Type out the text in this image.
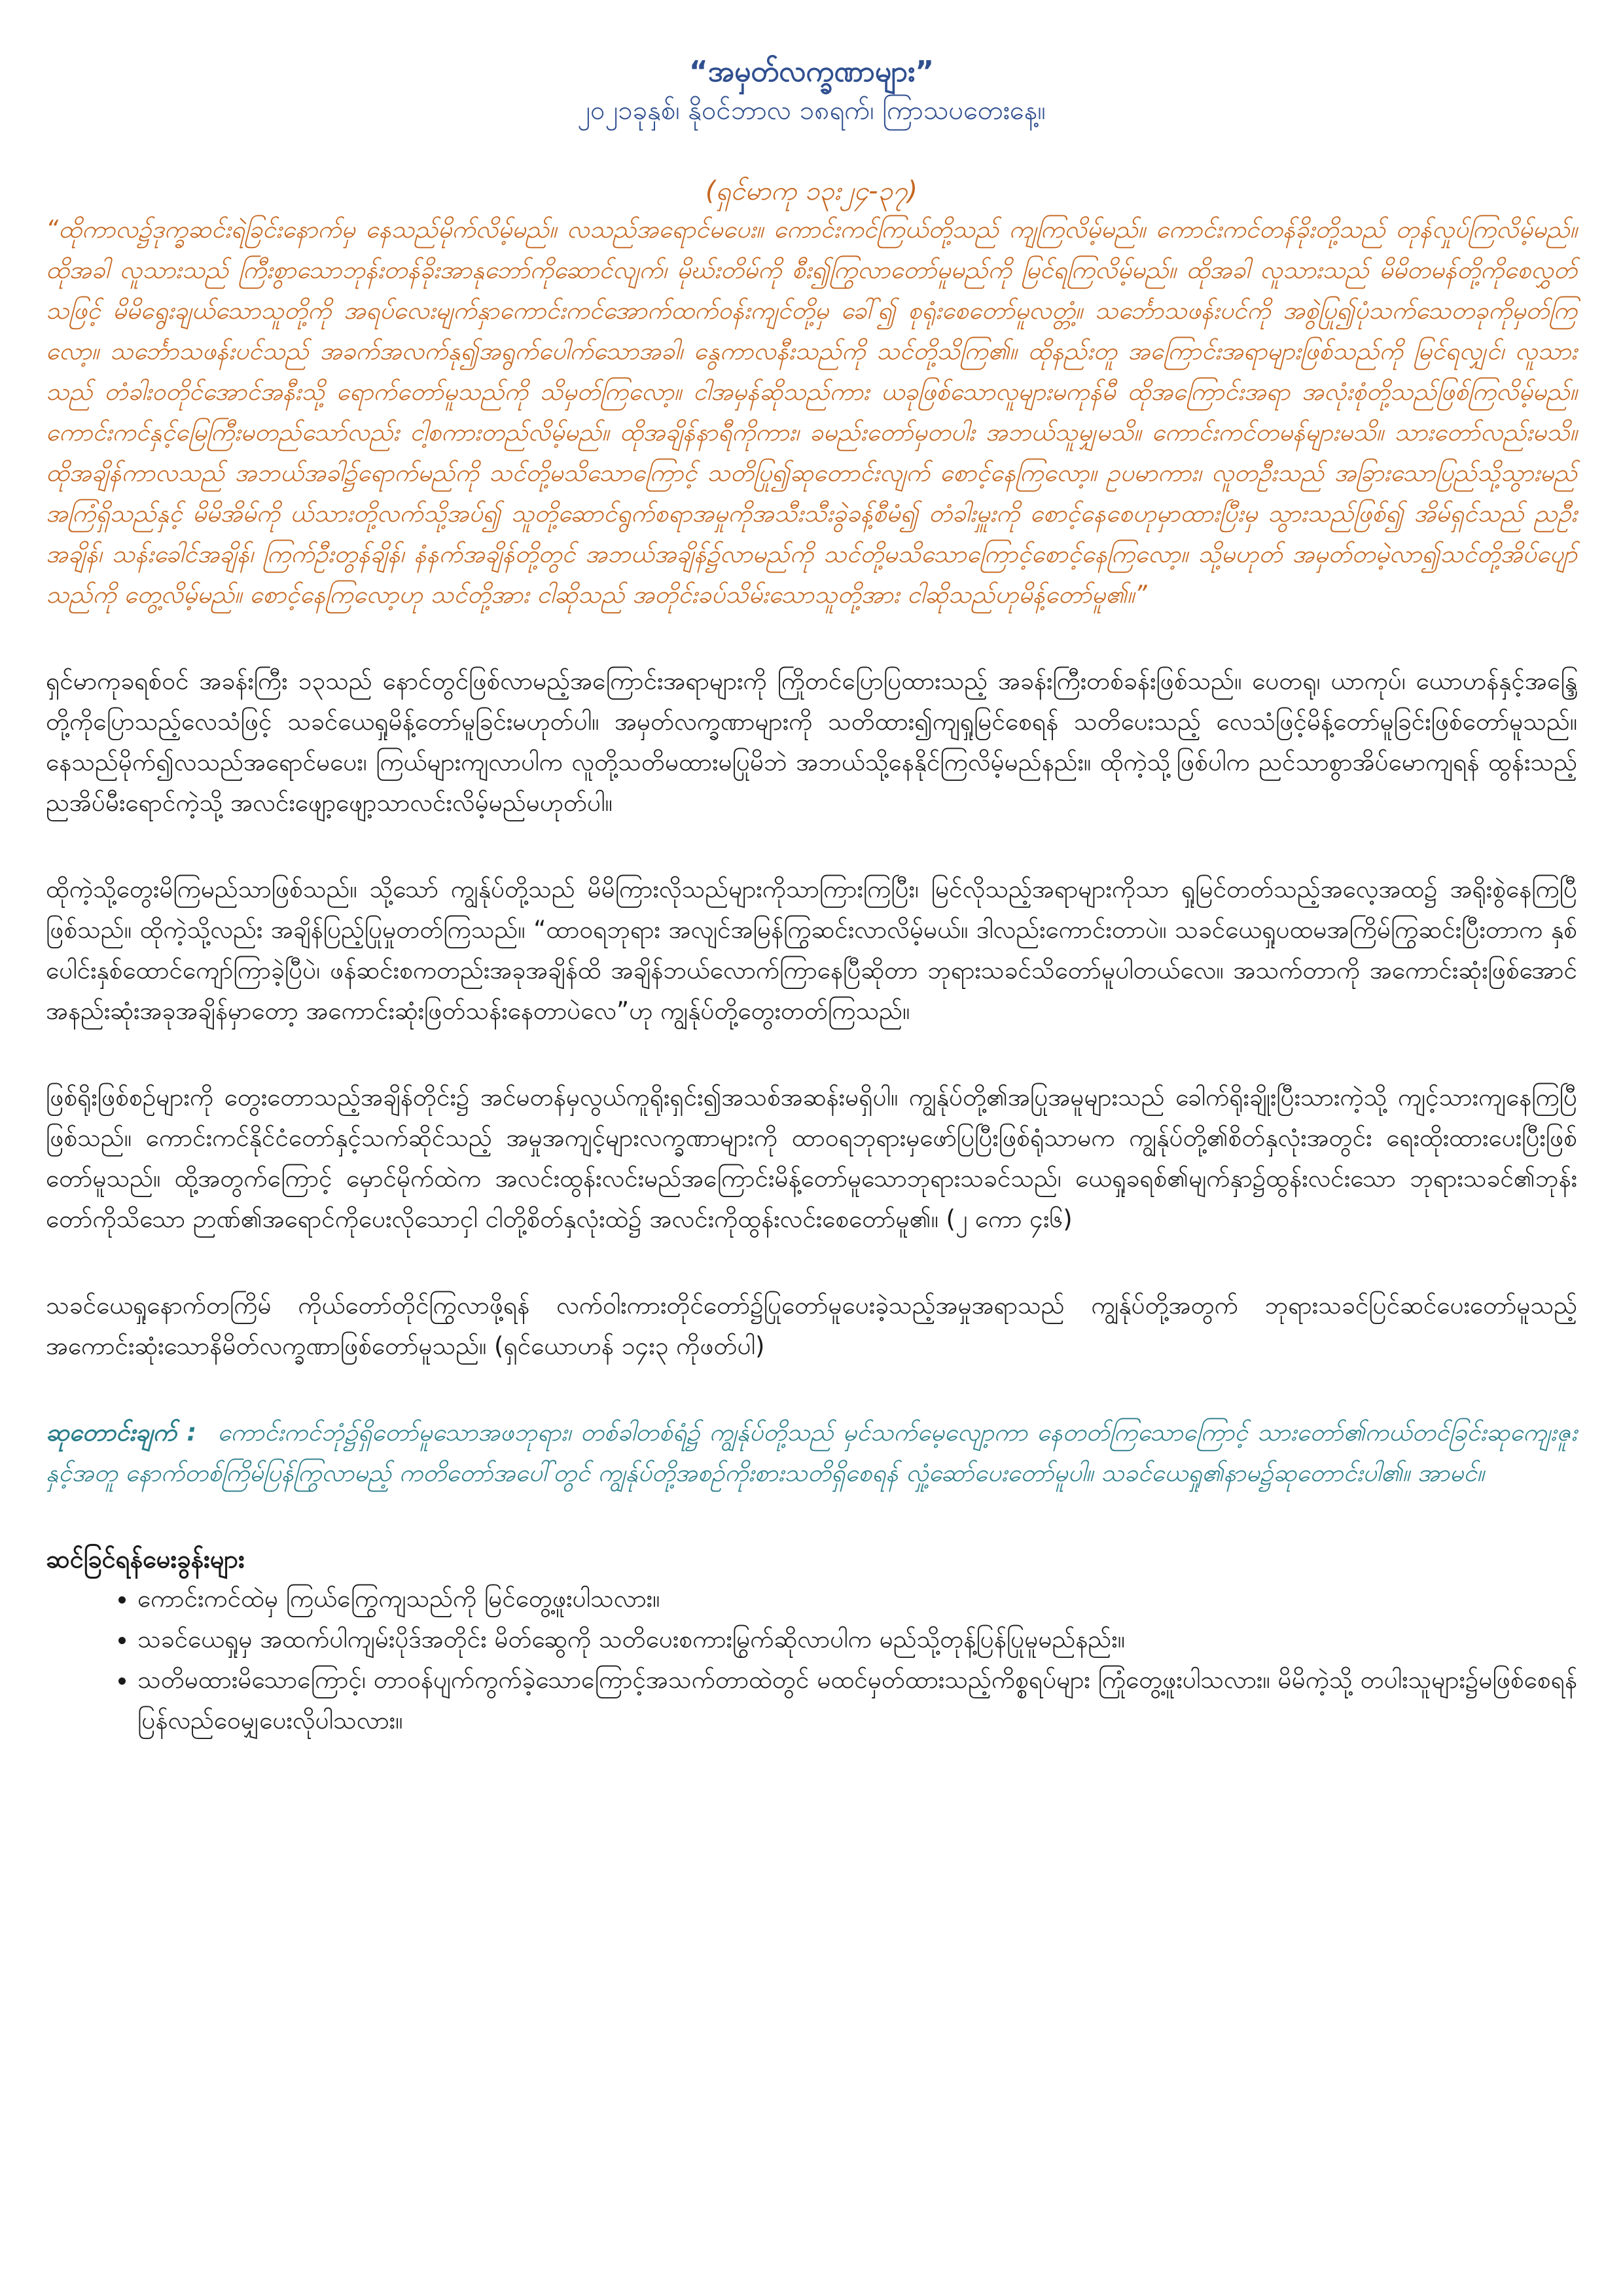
“အမှတ်လက္ခဏာများ”
၂၀၂၁ခုနှစ်၊ နိုဝင်ဘာလ ၁၈ရက်၊ ကြာသပတေးနေ့။
(ရှင်မာကု ၁၃း၂၄-၃၇)
“ထိုကာလ၌ဒုက္ခဆင်းရဲခြင်းနောက်မှ နေသည်မိုက်လိမ့်မည်။ လသည်အရောင်မပေး။ ကောင်းကင်ကြယ်တို့သည် ကျကြလိမ့်မည်။ ကောင်းကင်တန်ခိုးတို့သည် တုန်လှုပ်ကြလိမ့်မည်။ ထိုအခါ လူသားသည် ကြီးစွာသောဘုန်းတန်ခိုးအာနုဘော်ကိုဆောင်လျက်၊ မိုဃ်းတိမ်ကို စီး၍ကြွလာတော်မူမည်ကို မြင်ရကြလိမ့်မည်။ ထိုအခါ လူသားသည် မိမိတမန်တို့ကိုစေလွှတ်သဖြင့် မိမိရွေးချယ်သောသူတို့ကို အရပ်လေးမျက်နှာကောင်းကင်အောက်ထက်ဝန်းကျင်တို့မှ ခေါ်၍ စုရုံးစေတော်မူလတ္တံ့။ သင်္ဘောသဖန်းပင်ကို အစွဲပြု၍ပုံသက်သေတခုကိုမှတ်ကြလော့။ သင်္ဘောသဖန်းပင်သည် အခက်အလက်နု၍အရွက်ပေါက်သောအခါ၊ နွေကာလနီးသည်ကို သင်တို့သိကြ၏။ ထိုနည်းတူ အကြောင်းအရာများဖြစ်သည်ကို မြင်ရလျှင်၊ လူသားသည် တံခါးဝတိုင်အောင်အနီးသို့ ရောက်တော်မူသည်ကို သိမှတ်ကြလော့။ ငါအမှန်ဆိုသည်ကား ယခုဖြစ်သောလူများမကုန်မီ ထိုအကြောင်းအရာ အလုံးစုံတို့သည်ဖြစ်ကြလိမ့်မည်။ ကောင်းကင်နှင့်မြေကြီးမတည်သော်လည်း ငါ့စကားတည်လိမ့်မည်။ ထိုအချိန်နာရီကိုကား၊ ခမည်းတော်မှတပါး အဘယ်သူမျှမသိ။ ကောင်းကင်တမန်များမသိ။ သားတော်လည်းမသိ။ ထိုအချိန်ကာလသည် အဘယ်အခါ၌ရောက်မည်ကို သင်တို့မသိသောကြောင့် သတိပြု၍ဆုတောင်းလျက် စောင့်နေကြလော့။ ဥပမာကား၊ လူတဦးသည် အခြားသောပြည်သို့သွားမည်အကြံရှိသည်နှင့် မိမိအိမ်ကို ယ်သားတို့လက်သို့အပ်၍ သူတို့ဆောင်ရွက်စရာအမှုကိုအသီးသီးခွဲခန့်စီမံ၍ တံခါးမှူးကို စောင့်နေစေဟုမှာထားပြီးမှ သွားသည်ဖြစ်၍ အိမ်ရှင်သည် ညဦးအချိန်၊ သန်းခေါင်အချိန်၊ ကြက်ဦးတွန်ချိန်၊ နံနက်အချိန်တို့တွင် အဘယ်အချိန်၌လာမည်ကို သင်တို့မသိသောကြောင့်စောင့်နေကြလော့။ သို့မဟုတ် အမှတ်တမဲ့လာ၍သင်တို့အိပ်ပျော်သည်ကို တွေ့လိမ့်မည်။ စောင့်နေကြလော့ဟု သင်တို့အား ငါဆိုသည် အတိုင်းခပ်သိမ်းသောသူတို့အား ငါဆိုသည်ဟုမိန့်တော်မူ၏။”
ရှင်မာကုခရစ်ဝင် အခန်းကြီး ၁၃သည် နောင်တွင်ဖြစ်လာမည့်အကြောင်းအရာများကို ကြိုတင်ပြောပြထားသည့် အခန်းကြီးတစ်ခန်းဖြစ်သည်။ ပေတရု၊ ယာကုပ်၊ ယောဟန်နှင့်အန္ဒြေတို့ကိုပြောသည့်လေသံဖြင့် သခင်ယေရှုမိန့်တော်မူခြင်းမဟုတ်ပါ။ အမှတ်လက္ခဏာများကို သတိထား၍ကျရှုမြင်စေရန် သတိပေးသည့် လေသံဖြင့်မိန့်တော်မူခြင်းဖြစ်တော်မူသည်။ နေသည်မိုက်၍လသည်အရောင်မပေး၊ ကြယ်များကျလာပါက လူတို့သတိမထားမပြုမိဘဲ အဘယ်သို့နေနိုင်ကြလိမ့်မည်နည်း။ ထိုကဲ့သို့ဖြစ်ပါက ညင်သာစွာအိပ်မောကျရန် ထွန်းသည့်ညအိပ်မီးရောင်ကဲ့သို့ အလင်းဖျော့ဖျော့သာလင်းလိမ့်မည်မဟုတ်ပါ။
ထိုကဲ့သို့တွေးမိကြမည်သာဖြစ်သည်။ သို့သော် ကျွန်ုပ်တို့သည် မိမိကြားလိုသည်များကိုသာကြားကြပြီး၊ မြင်လိုသည့်အရာများကိုသာ ရှုမြင်တတ်သည့်အလေ့အထ၌ အရိုးစွဲနေကြပြီဖြစ်သည်။ ထိုကဲ့သို့လည်း အချိန်ပြည့်ပြုမှုတတ်ကြသည်။ “ထာဝရဘုရား အလျင်အမြန်ကြွဆင်းလာလိမ့်မယ်။ ဒါလည်းကောင်းတာပဲ။ သခင်ယေရှုပထမအကြိမ်ကြွဆင်းပြီးတာက နှစ်ပေါင်းနှစ်ထောင်ကျော်ကြာခဲ့ပြီပဲ၊ ဖန်ဆင်းစကတည်းအခုအချိန်ထိ အချိန်ဘယ်လောက်ကြာနေပြီဆိုတာ ဘုရားသခင်သိတော်မူပါတယ်လေ။ အသက်တာကို အကောင်းဆုံးဖြစ်အောင် အနည်းဆုံးအခုအချိန်မှာတော့ အကောင်းဆုံးဖြတ်သန်းနေတာပဲလေ”ဟု ကျွန်ုပ်တို့တွေးတတ်ကြသည်။
ဖြစ်ရိုးဖြစ်စဉ်များကို တွေးတောသည့်အချိန်တိုင်း၌ အင်မတန်မှလွယ်ကူရိုးရှင်း၍အသစ်အဆန်းမရှိပါ။ ကျွန်ုပ်တို့၏အပြုအမူများသည် ခေါက်ရိုးချိုးပြီးသားကဲ့သို့ ကျင့်သားကျနေကြပြီဖြစ်သည်။ ကောင်းကင်နိုင်ငံတော်နှင့်သက်ဆိုင်သည့် အမှုအကျင့်များလက္ခဏာများကို ထာဝရဘုရားမှဖော်ပြပြီးဖြစ်ရုံသာမက ကျွန်ုပ်တို့၏စိတ်နှလုံးအတွင်း ရေးထိုးထားပေးပြီးဖြစ်တော်မူသည်။ ထို့အတွက်ကြောင့် မှောင်မိုက်ထဲက အလင်းထွန်းလင်းမည်အကြောင်းမိန့်တော်မူသောဘုရားသခင်သည်၊ ယေရှုခရစ်၏မျက်နှာ၌ထွန်းလင်းသော ဘုရားသခင်၏ဘုန်းတော်ကိုသိသော ဉာဏ်၏အရောင်ကိုပေးလိုသောငှါ ငါတို့စိတ်နှလုံးထဲ၌ အလင်းကိုထွန်းလင်းစေတော်မူ၏။ (၂ ကော ၄း၆)
သခင်ယေရှုနောက်တကြိမ် ကိုယ်တော်တိုင်ကြွလာဖို့ရန် လက်ဝါးကားတိုင်တော်၌ပြုတော်မူပေးခဲ့သည့်အမှုအရာသည် ကျွန်ုပ်တို့အတွက် ဘုရားသခင်ပြင်ဆင်ပေးတော်မူသည့် အကောင်းဆုံးသောနိမိတ်လက္ခဏာဖြစ်တော်မူသည်။ (ရှင်ယောဟန် ၁၄း၃ ကိုဖတ်ပါ)
ဆုတောင်းချက် : ကောင်းကင်ဘုံ၌ရှိတော်မူသောအဖဘုရား၊ တစ်ခါတစ်ရံ၌ ကျွန်ုပ်တို့သည် မှင်သက်မေ့လျော့ကာ နေတတ်ကြသောကြောင့် သားတော်၏ကယ်တင်ခြင်းဆုကျေးဇူးနှင့်အတူ နောက်တစ်ကြိမ်ပြန်ကြွလာမည့် ကတိတော်အပေါ်တွင် ကျွန်ုပ်တို့အစဉ်ကိုးစားသတိရှိစေရန် လှုံ့ဆော်ပေးတော်မူပါ။ သခင်ယေရှု၏နာမ၌ဆုတောင်းပါ၏။ အာမင်။
ဆင်ခြင်ရန်မေးခွန်းများ
• ကောင်းကင်ထဲမှ ကြယ်ကြွေကျသည်ကို မြင်တွေ့ဖူးပါသလား။
• သခင်ယေရှုမှ အထက်ပါကျမ်းပိုဒ်အတိုင်း မိတ်ဆွေကို သတိပေးစကားမြွက်ဆိုလာပါက မည်သို့တုန့်ပြန်ပြုမူမည်နည်း။
• သတိမထားမိသောကြောင့်၊ တာဝန်ပျက်ကွက်ခဲ့သောကြောင့်အသက်တာထဲတွင် မထင်မှတ်ထားသည့်ကိစ္စရပ်များ ကြုံတွေ့ဖူးပါသလား။ မိမိကဲ့သို့ တပါးသူများ၌မဖြစ်စေရန် ပြန်လည်ဝေမျှပေးလိုပါသလား။
